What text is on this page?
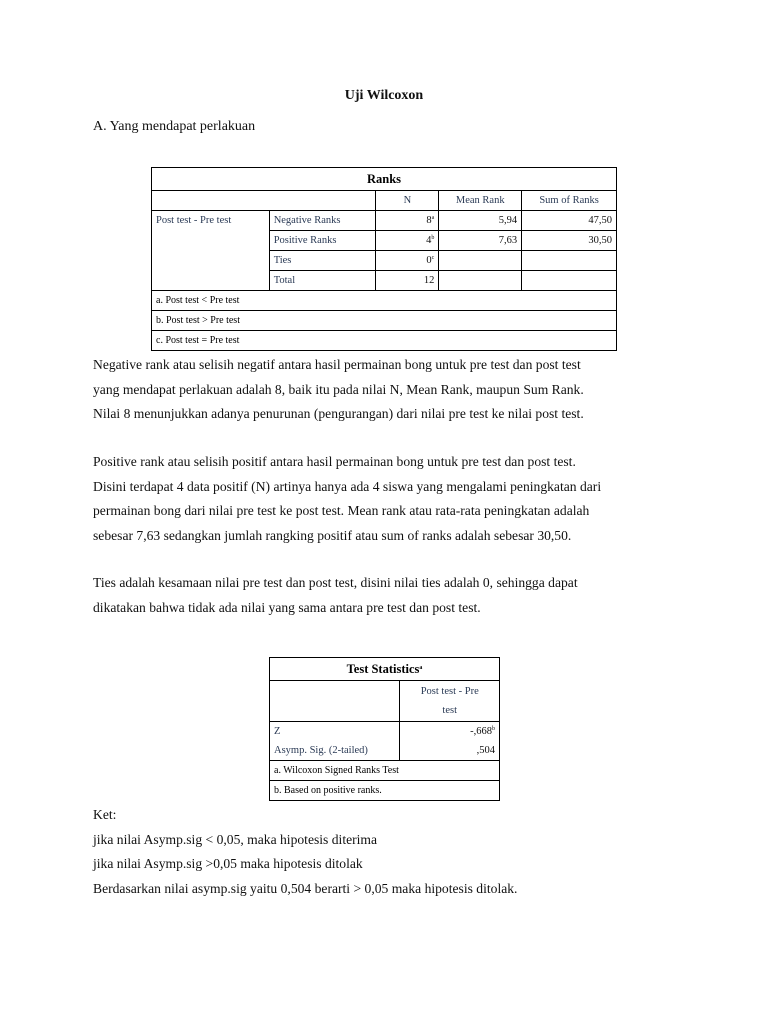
Uji Wilcoxon
A. Yang mendapat perlakuan
Ranks				
		N	Mean Rank	Sum of Ranks
Post test - Pre test	Negative Ranks	8$^a$	5,94	47,50
	Positive Ranks	4$^b$	7,63	30,50
	Ties	0$^c$		
	Total	12		
a. Post test < Pre test				
b. Post test > Pre test				
c. Post test = Pre test				
Negative rank atau selisih negatif antara hasil permainan bong untuk pre test dan post test
yang mendapat perlakuan adalah 8, baik itu pada nilai N, Mean Rank, maupun Sum Rank.
Nilai 8 menunjukkan adanya penurunan (pengurangan) dari nilai pre test ke nilai post test.
Positive rank atau selisih positif antara hasil permainan bong untuk pre test dan post test.
Disini terdapat 4 data positif (N) artinya hanya ada 4 siswa yang mengalami peningkatan dari
permainan bong dari nilai pre test ke post test. Mean rank atau rata-rata peningkatan adalah
sebesar 7,63 sedangkan jumlah rangking positif atau sum of ranks adalah sebesar 30,50.
Ties adalah kesamaan nilai pre test dan post test, disini nilai ties adalah 0, sehingga dapat
dikatakan bahwa tidak ada nilai yang sama antara pre test dan post test.
Test Statistics$^a$

	Post test - Pre
test

Z	-,668$^b$
Asymp. Sig. (2-tailed)	,504
a. Wilcoxon Signed Ranks Test	
b. Based on positive ranks.	
Ket:
jika nilai Asymp.sig < 0,05, maka hipotesis diterima
jika nilai Asymp.sig >0,05 maka hipotesis ditolak
Berdasarkan nilai asymp.sig yaitu 0,504 berarti > 0,05 maka hipotesis ditolak.
